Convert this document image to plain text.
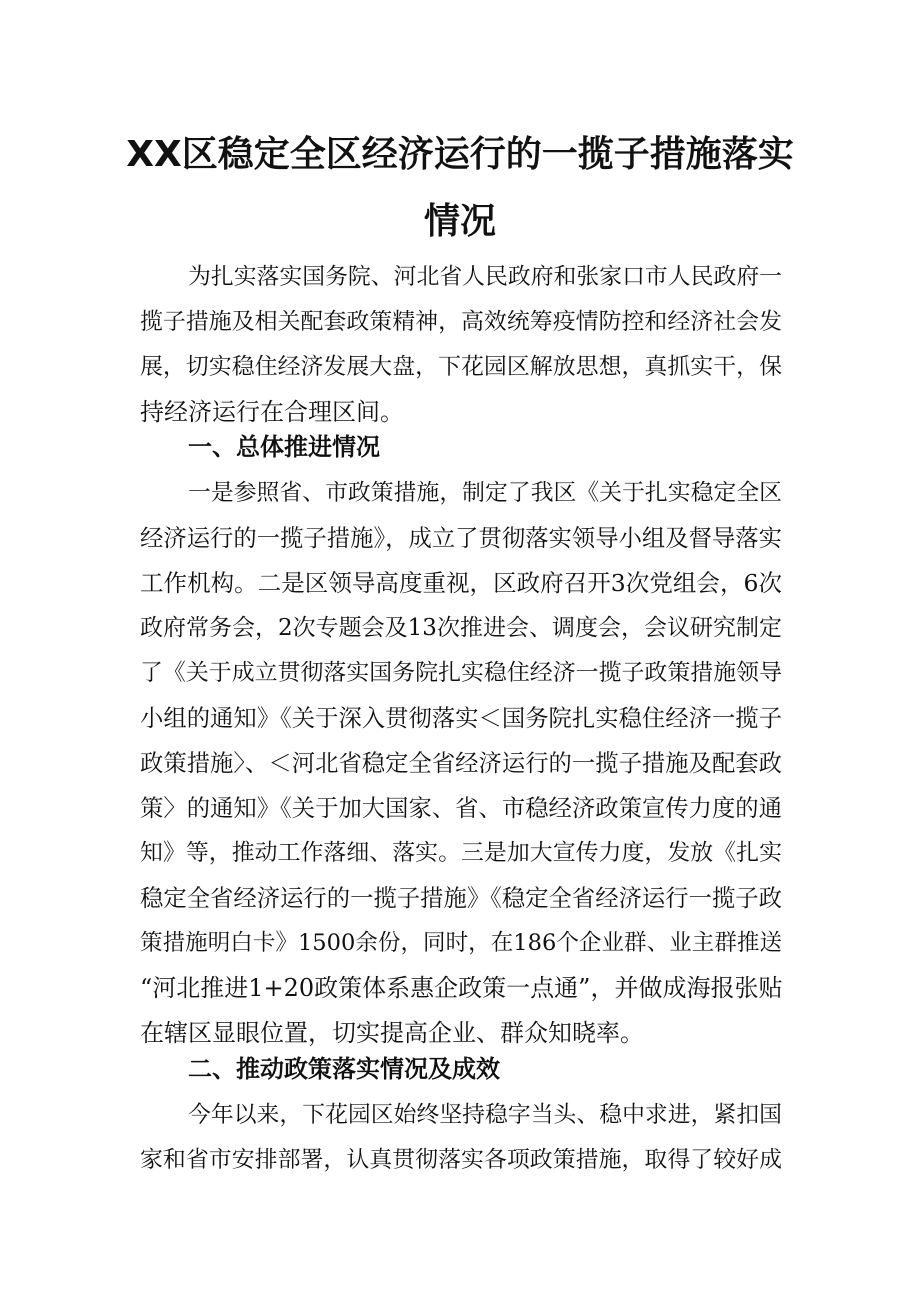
XX区稳定全区经济运行的一揽子措施落实
情况
为扎实落实国务院、河北省人民政府和张家口市人民政府一
揽子措施及相关配套政策精神，高效统筹疫情防控和经济社会发
展，切实稳住经济发展大盘，下花园区解放思想，真抓实干，保
持经济运行在合理区间。
一、总体推进情况
一是参照省、市政策措施，制定了我区《关于扎实稳定全区
经济运行的一揽子措施》，成立了贯彻落实领导小组及督导落实
工作机构。二是区领导高度重视，区政府召开3次党组会，6次
政府常务会，2次专题会及13次推进会、调度会，会议研究制定
了《关于成立贯彻落实国务院扎实稳住经济一揽子政策措施领导
小组的通知》《关于深入贯彻落实＜国务院扎实稳住经济一揽子
政策措施〉、＜河北省稳定全省经济运行的一揽子措施及配套政
策〉的通知》《关于加大国家、省、市稳经济政策宣传力度的通
知》等，推动工作落细、落实。三是加大宣传力度，发放《扎实
稳定全省经济运行的一揽子措施》《稳定全省经济运行一揽子政
策措施明白卡》1500余份，同时，在186个企业群、业主群推送
“河北推进1+20政策体系惠企政策一点通”，并做成海报张贴
在辖区显眼位置，切实提高企业、群众知晓率。
二、推动政策落实情况及成效
今年以来，下花园区始终坚持稳字当头、稳中求进，紧扣国
家和省市安排部署，认真贯彻落实各项政策措施，取得了较好成
